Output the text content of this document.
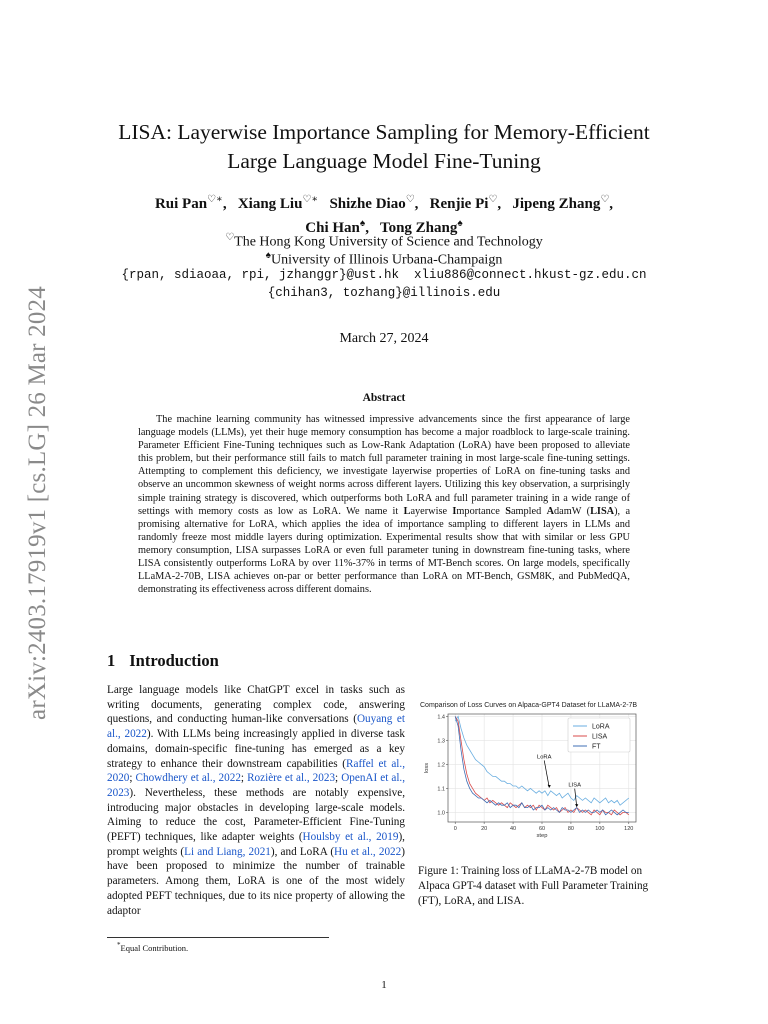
arXiv:2403.17919v1 [cs.LG] 26 Mar 2024
LISA: Layerwise Importance Sampling for Memory-Efficient
Large Language Model Fine-Tuning
Rui Pan♡∗,   Xiang Liu♡∗ Shizhe Diao♡,   Renjie Pi♡,   Jipeng Zhang♡,
Chi Han♠,   Tong Zhang♠
♡The Hong Kong University of Science and Technology
♠University of Illinois Urbana-Champaign
{rpan, sdiaoaa, rpi, jzhanggr}@ust.hk xliu886@connect.hkust-gz.edu.cn
{chihan3, tozhang}@illinois.edu
March 27, 2024
Abstract
The machine learning community has witnessed impressive advancements since the first appearance of large language models (LLMs), yet their huge memory consumption has become a major roadblock to large-scale training. Parameter Efficient Fine-Tuning techniques such as Low-Rank Adaptation (LoRA) have been proposed to alleviate this problem, but their performance still fails to match full parameter training in most large-scale fine-tuning settings. Attempting to complement this deficiency, we investigate layerwise properties of LoRA on fine-tuning tasks and observe an uncommon skewness of weight norms across different layers. Utilizing this key observation, a surprisingly simple training strategy is discovered, which outperforms both LoRA and full parameter training in a wide range of settings with memory costs as low as LoRA. We name it Layerwise Importance Sampled AdamW (LISA), a promising alternative for LoRA, which applies the idea of importance sampling to different layers in LLMs and randomly freeze most middle layers during optimization. Experimental results show that with similar or less GPU memory consumption, LISA surpasses LoRA or even full parameter tuning in downstream fine-tuning tasks, where LISA consistently outperforms LoRA by over 11%-37% in terms of MT-Bench scores. On large models, specifically LLaMA-2-70B, LISA achieves on-par or better performance than LoRA on MT-Bench, GSM8K, and PubMedQA, demonstrating its effectiveness across different domains.
1 Introduction
Large language models like ChatGPT excel in tasks such as writing documents, generating complex code, answering questions, and conducting human-like conversations (Ouyang et al., 2022). With LLMs being increasingly applied in diverse task domains, domain-specific fine-tuning has emerged as a key strategy to enhance their downstream capabilities (Raffel et al., 2020; Chowdhery et al., 2022; Rozière et al., 2023; OpenAI et al., 2023). Nevertheless, these methods are notably expensive, introducing major obstacles in developing large-scale models. Aiming to reduce the cost, Parameter-Efficient Fine-Tuning (PEFT) techniques, like adapter weights (Houlsby et al., 2019), prompt weights (Li and Liang, 2021), and LoRA (Hu et al., 2022) have been proposed to minimize the number of trainable parameters. Among them, LoRA is one of the most widely adopted PEFT techniques, due to its nice property of allowing the adaptor
Comparison of Loss Curves on Alpaca-GPT4 Dataset for LLaMA-2-7B
0	20	40	60	80	100	120
1.0
1.1
1.2
1.3
1.4
step
loss
LoRA
LISA
FT
LoRA
LISA
Figure 1: Training loss of LLaMA-2-7B model on Alpaca GPT-4 dataset with Full Parameter Training (FT), LoRA, and LISA.
*Equal Contribution.
1
